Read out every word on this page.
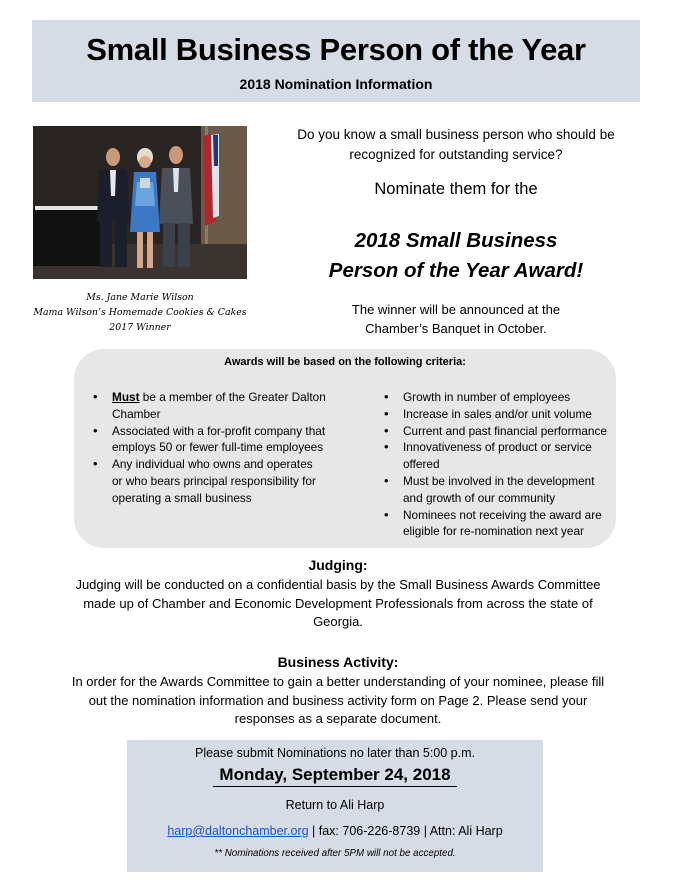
Small Business Person of the Year
2018 Nomination Information
Ms. Jane Marie Wilson
Mama Wilson’s Homemade Cookies & Cakes
2017 Winner
Do you know a small business person who should be recognized for outstanding service?
Nominate them for the
2018 Small Business
Person of the Year Award!
The winner will be announced at the
Chamber’s Banquet in October.
Awards will be based on the following criteria:
• Must be a member of the Greater Dalton Chamber
• Associated with a for-profit company that employs 50 or fewer full-time employees
• Any individual who owns and operates or who bears principal responsibility for operating a small business
• Growth in number of employees
• Increase in sales and/or unit volume
• Current and past financial performance
• Innovativeness of product or service offered
• Must be involved in the development and growth of our community
• Nominees not receiving the award are eligible for re-nomination next year
Judging:
Judging will be conducted on a confidential basis by the Small Business Awards Committee made up of Chamber and Economic Development Professionals from across the state of Georgia.
Business Activity:
In order for the Awards Committee to gain a better understanding of your nominee, please fill out the nomination information and business activity form on Page 2. Please send your responses as a separate document.
Please submit Nominations no later than 5:00 p.m.
Monday, September 24, 2018
Return to Ali Harp
harp@daltonchamber.org | fax: 706-226-8739 | Attn: Ali Harp
** Nominations received after 5PM will not be accepted.
